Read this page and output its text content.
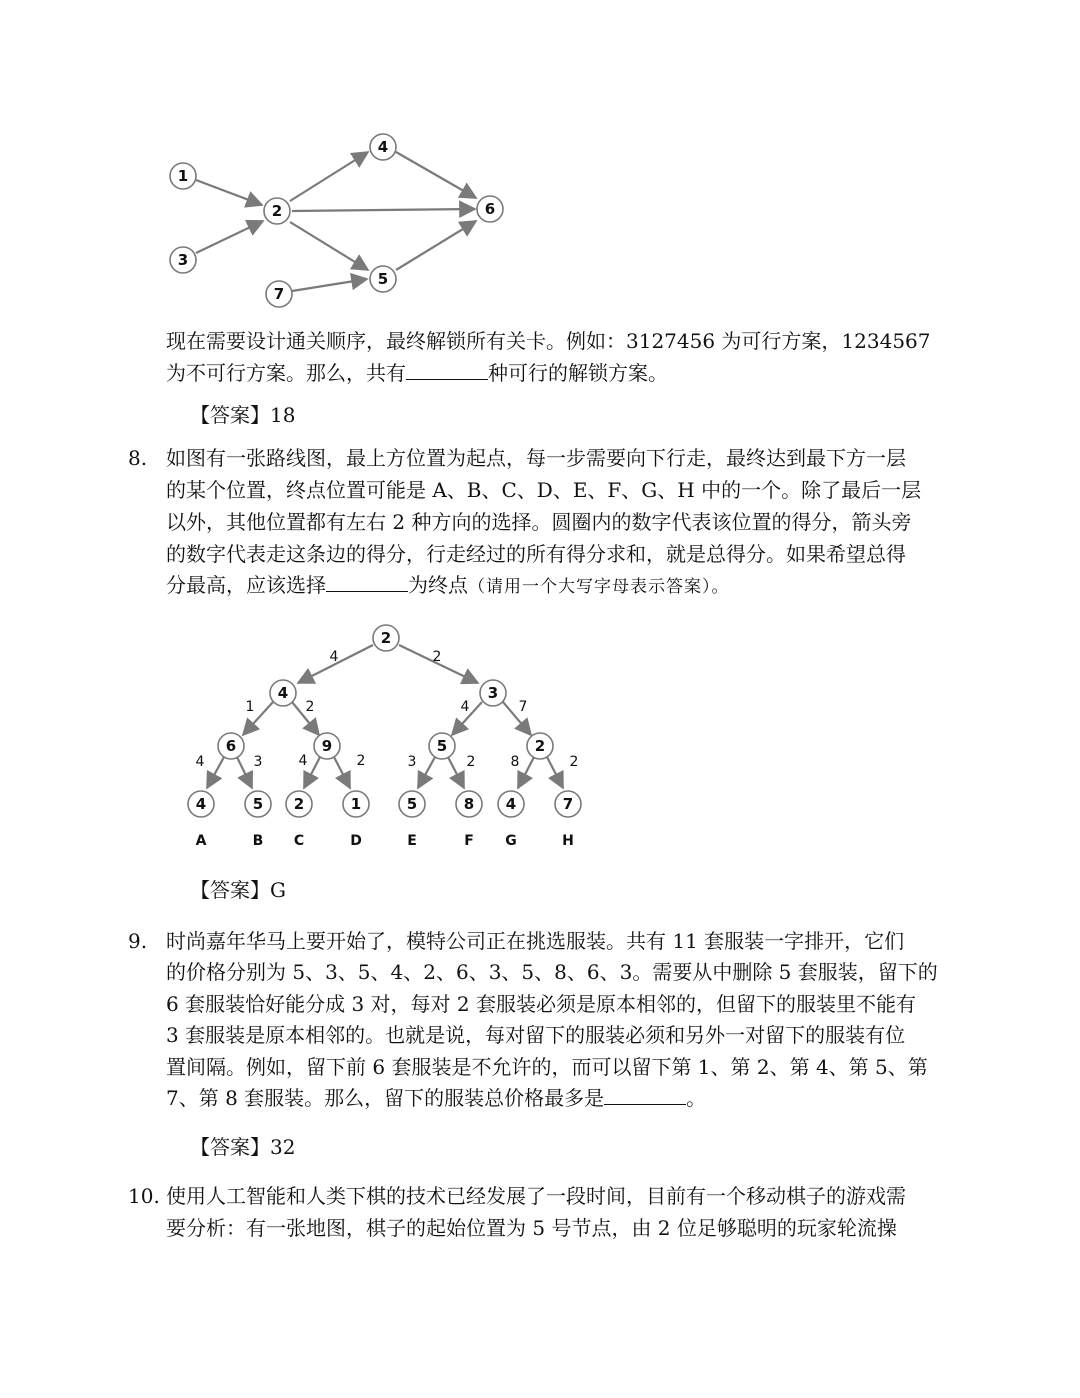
1
2
3
4
5
6
7

现在需要设计通关顺序，最终解锁所有关卡。例如：3127456 为可行方案，1234567

为不可行方案。那么，共有	种可行的解锁方案。

【答案】18
8. 如图有一张路线图，最上方位置为起点，每一步需要向下行走，最终达到最下方一层

的某个位置，终点位置可能是 A、B、C、D、E、F、G、H 中的一个。除了最后一层

以外，其他位置都有左右 2 种方向的选择。圆圈内的数字代表该位置的得分，箭头旁

的数字代表走这条边的得分，行走经过的所有得分求和，就是总得分。如果希望总得

分最高，应该选择	为终点（请用一个大写字母表示答案）。

4	2
1	2	4	7
4	3	4	2	3	2	8	2
2
4	3
6	9	5	2
4	5 2	1	5	8 4	7
A	B C	D	E	F G	H
【答案】G
9. 时尚嘉年华马上要开始了，模特公司正在挑选服装。共有 11 套服装一字排开，它们

的价格分别为 5、3、5、4、2、6、3、5、8、6、3。需要从中删除 5 套服装，留下的

6 套服装恰好能分成 3 对，每对 2 套服装必须是原本相邻的，但留下的服装里不能有

3 套服装是原本相邻的。也就是说，每对留下的服装必须和另外一对留下的服装有位

置间隔。例如，留下前 6 套服装是不允许的，而可以留下第 1、第 2、第 4、第 5、第

7、第 8 套服装。那么，留下的服装总价格最多是	。

【答案】32
10. 使用人工智能和人类下棋的技术已经发展了一段时间，目前有一个移动棋子的游戏需

要分析：有一张地图，棋子的起始位置为 5 号节点，由 2 位足够聪明的玩家轮流操
